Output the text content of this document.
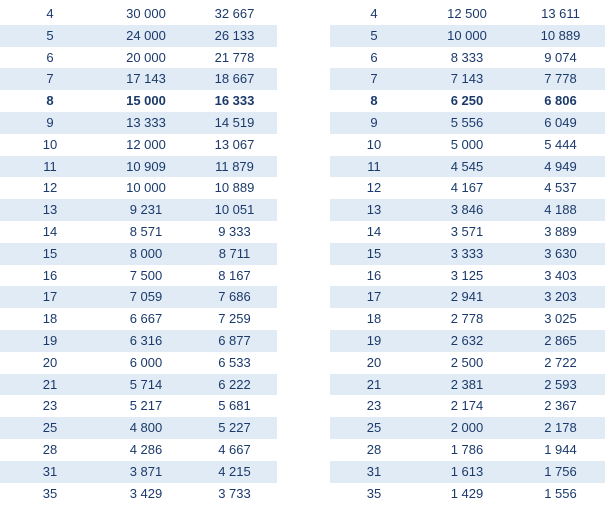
4	30 000	32 667
5	24 000	26 133
6	20 000	21 778
7	17 143	18 667
8	15 000	16 333
9	13 333	14 519
10	12 000	13 067
11	10 909	11 879
12	10 000	10 889
13	9 231	10 051
14	8 571	9 333
15	8 000	8 711
16	7 500	8 167
17	7 059	7 686
18	6 667	7 259
19	6 316	6 877
20	6 000	6 533
21	5 714	6 222
23	5 217	5 681
25	4 800	5 227
28	4 286	4 667
31	3 871	4 215
35	3 429	3 733
4	12 500	13 611
5	10 000	10 889
6	8 333	9 074
7	7 143	7 778
8	6 250	6 806
9	5 556	6 049
10	5 000	5 444
11	4 545	4 949
12	4 167	4 537
13	3 846	4 188
14	3 571	3 889
15	3 333	3 630
16	3 125	3 403
17	2 941	3 203
18	2 778	3 025
19	2 632	2 865
20	2 500	2 722
21	2 381	2 593
23	2 174	2 367
25	2 000	2 178
28	1 786	1 944
31	1 613	1 756
35	1 429	1 556
